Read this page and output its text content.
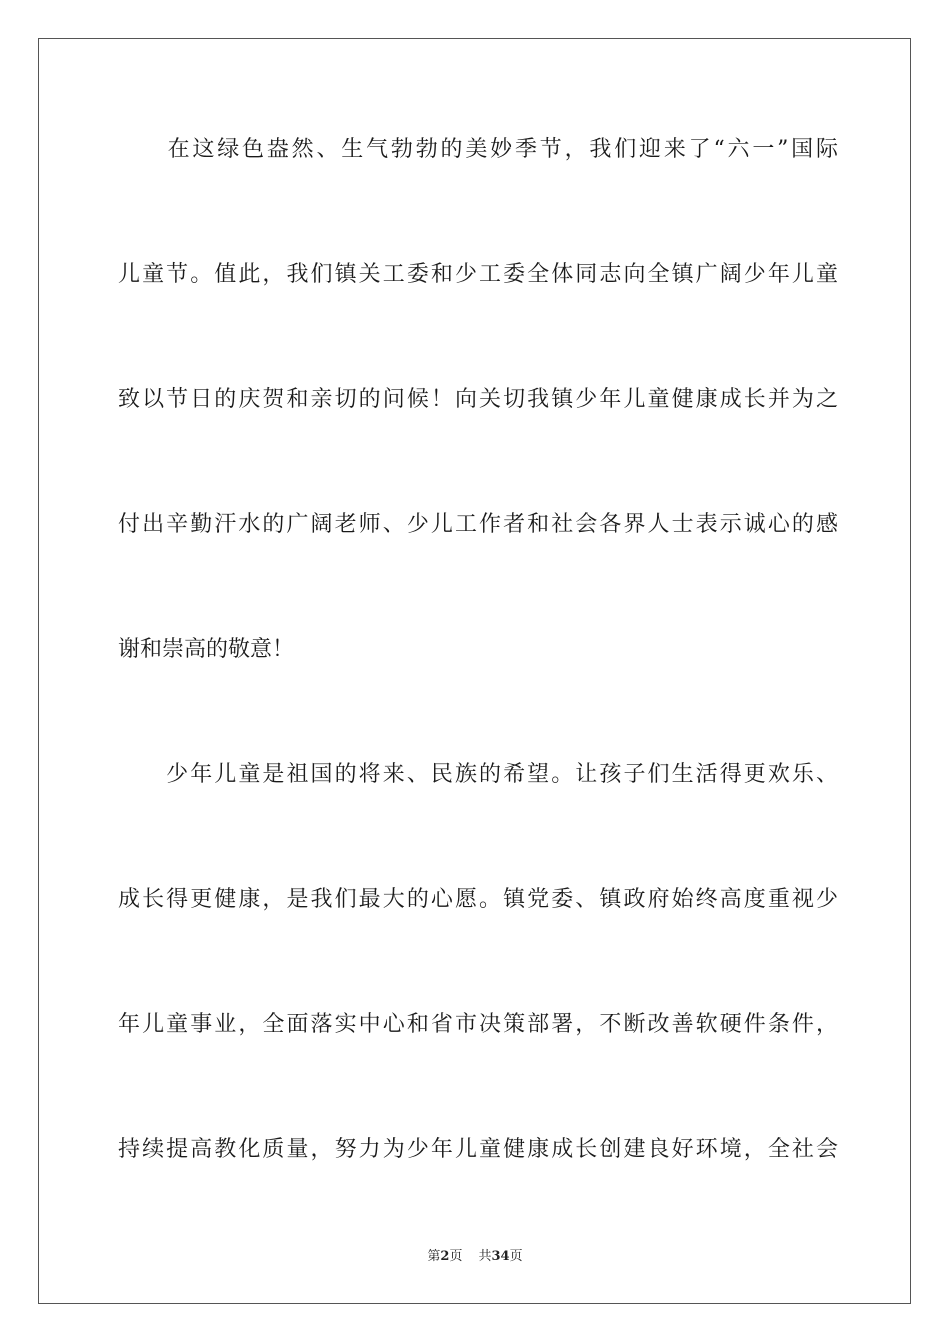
　　在这绿色盎然、生气勃勃的美妙季节，我们迎来了“六一”国际
儿童节。值此，我们镇关工委和少工委全体同志向全镇广阔少年儿童
致以节日的庆贺和亲切的问候！向关切我镇少年儿童健康成长并为之
付出辛勤汗水的广阔老师、少儿工作者和社会各界人士表示诚心的感
谢和崇高的敬意！
　　少年儿童是祖国的将来、民族的希望。让孩子们生活得更欢乐、
成长得更健康，是我们最大的心愿。镇党委、镇政府始终高度重视少
年儿童事业，全面落实中心和省市决策部署，不断改善软硬件条件，
持续提高教化质量，努力为少年儿童健康成长创建良好环境，全社会
第2页 共34页
